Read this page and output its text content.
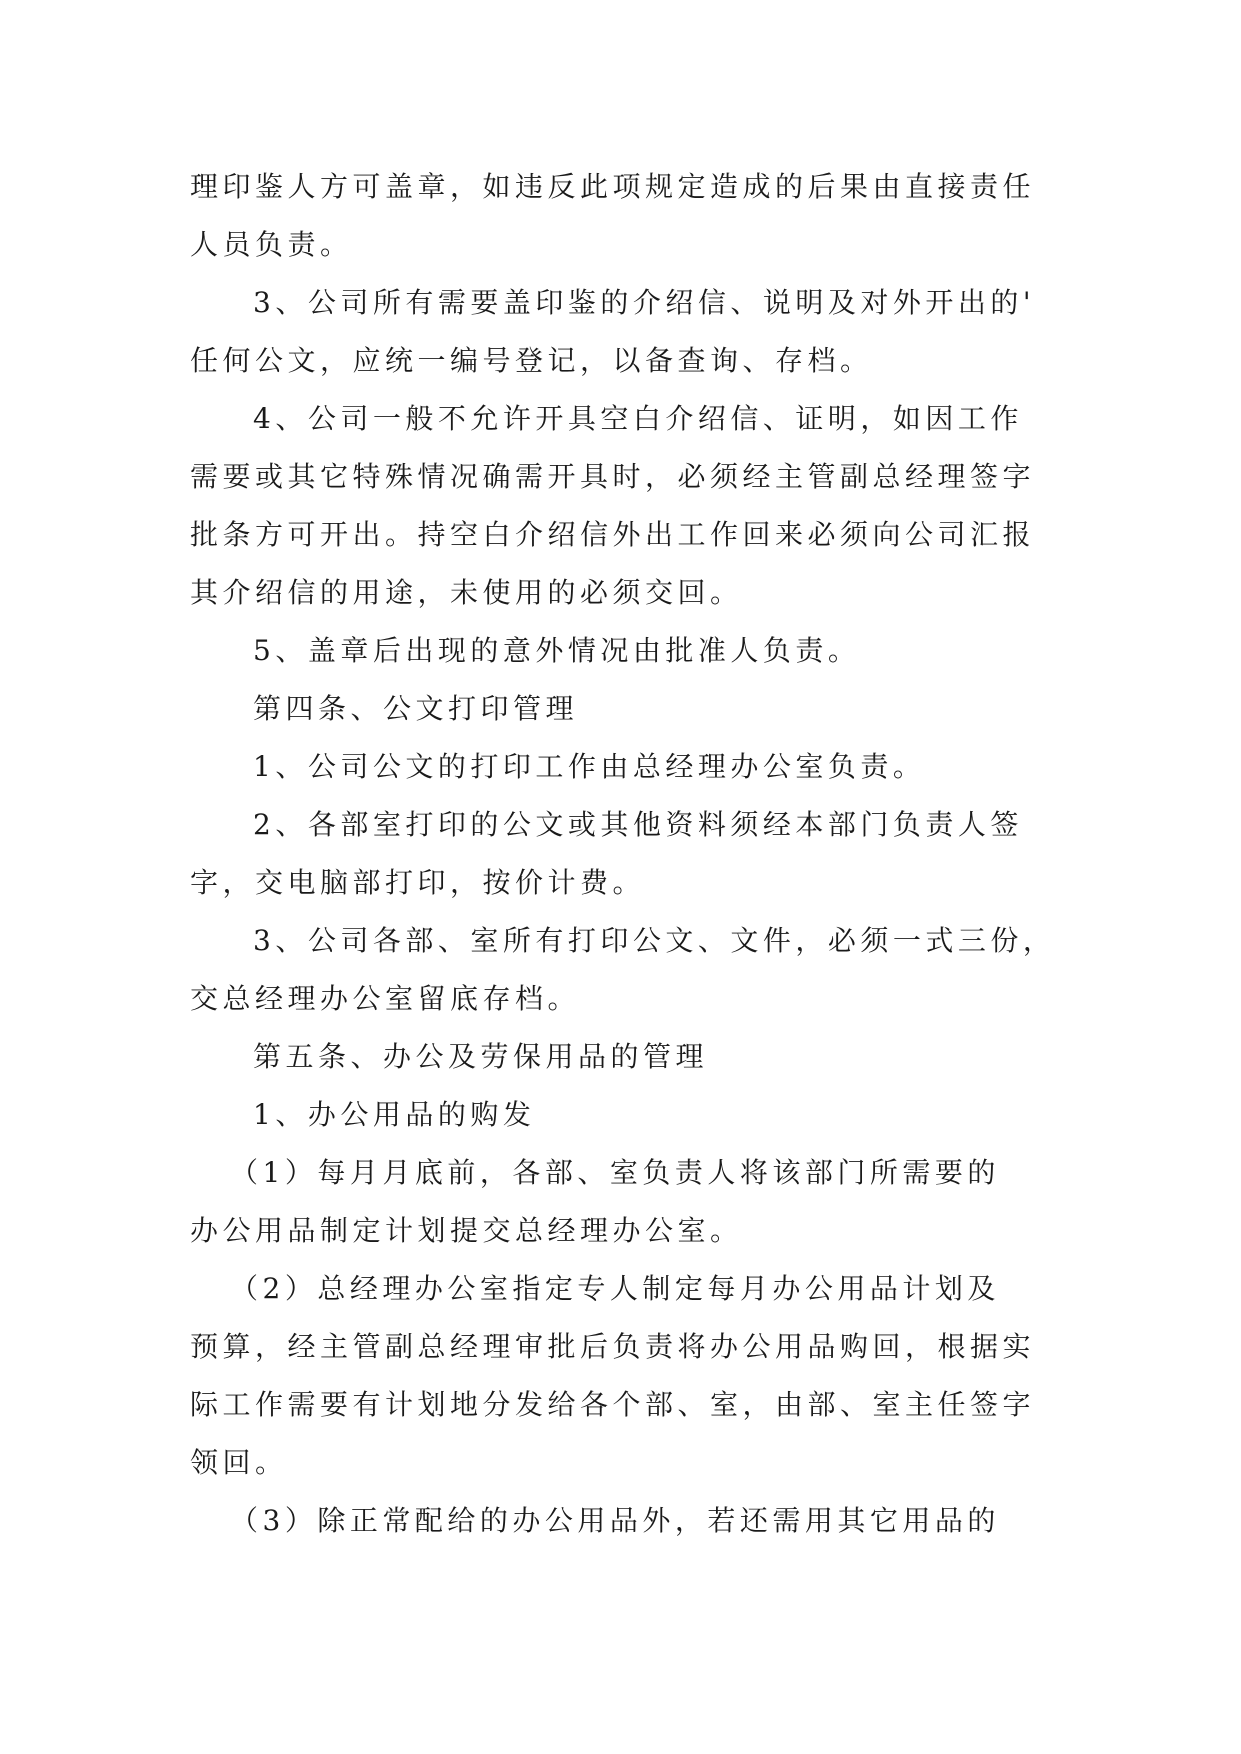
理印鉴人方可盖章，如违反此项规定造成的后果由直接责任
人员负责。

3、公司所有需要盖印鉴的介绍信、说明及对外开出的'
任何公文，应统一编号登记，以备查询、存档。

4、公司一般不允许开具空白介绍信、证明，如因工作
需要或其它特殊情况确需开具时，必须经主管副总经理签字
批条方可开出。持空白介绍信外出工作回来必须向公司汇报
其介绍信的用途，未使用的必须交回。

5、盖章后出现的意外情况由批准人负责。

第四条、公文打印管理

1、公司公文的打印工作由总经理办公室负责。

2、各部室打印的公文或其他资料须经本部门负责人签
字，交电脑部打印，按价计费。

3、公司各部、室所有打印公文、文件，必须一式三份，
交总经理办公室留底存档。

第五条、办公及劳保用品的管理

1、办公用品的购发

（1）每月月底前，各部、室负责人将该部门所需要的
办公用品制定计划提交总经理办公室。

（2）总经理办公室指定专人制定每月办公用品计划及
预算，经主管副总经理审批后负责将办公用品购回，根据实
际工作需要有计划地分发给各个部、室，由部、室主任签字
领回。

（3）除正常配给的办公用品外，若还需用其它用品的
